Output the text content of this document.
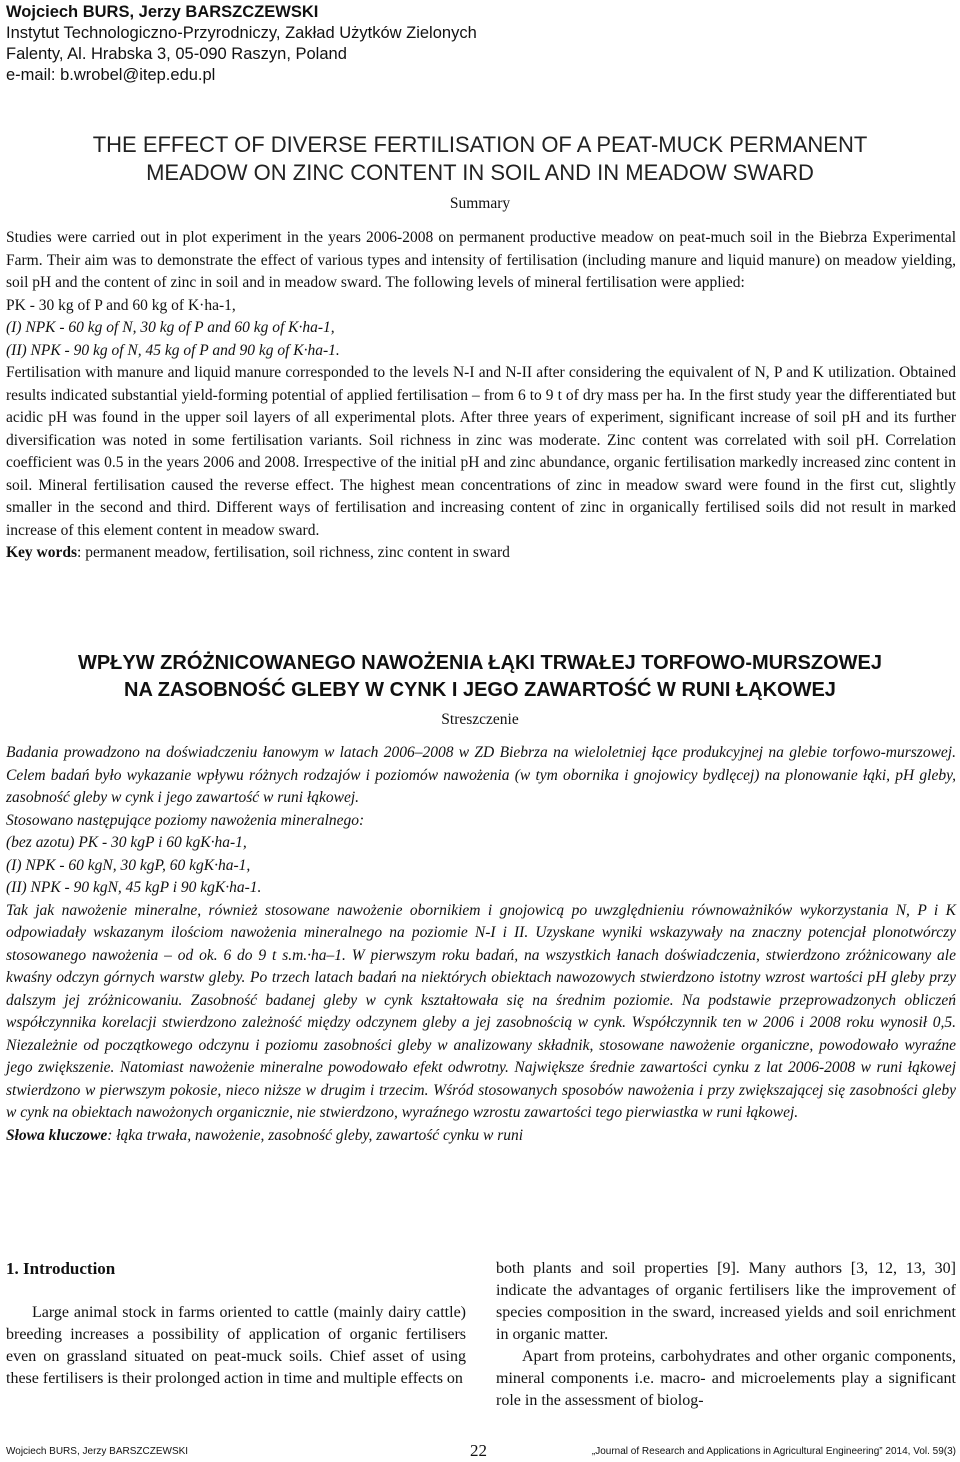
Wojciech BURS, Jerzy BARSZCZEWSKI
Instytut Technologiczno-Przyrodniczy, Zakład Użytków Zielonych
Falenty, Al. Hrabska 3, 05-090 Raszyn, Poland
e-mail: b.wrobel@itep.edu.pl
THE EFFECT OF DIVERSE FERTILISATION OF A PEAT-MUCK PERMANENT
MEADOW ON ZINC CONTENT IN SOIL AND IN MEADOW SWARD
Summary

Studies were carried out in plot experiment in the years 2006-2008 on permanent productive meadow on peat-much soil in the Biebrza Experimental Farm. Their aim was to demonstrate the effect of various types and intensity of fertilisation (including manure and liquid manure) on meadow yielding, soil pH and the content of zinc in soil and in meadow sward. The following levels of mineral fertilisation were applied:

PK - 30 kg of P and 60 kg of K·ha-1,

(I) NPK - 60 kg of N, 30 kg of P and 60 kg of K·ha-1,

(II) NPK - 90 kg of N, 45 kg of P and 90 kg of K·ha-1.

Fertilisation with manure and liquid manure corresponded to the levels N-I and N-II after considering the equivalent of N, P and K utilization. Obtained results indicated substantial yield-forming potential of applied fertilisation – from 6 to 9 t of dry mass per ha. In the first study year the differentiated but acidic pH was found in the upper soil layers of all experimental plots. After three years of experiment, significant increase of soil pH and its further diversification was noted in some fertilisation variants. Soil richness in zinc was moderate. Zinc content was correlated with soil pH. Correlation coefficient was 0.5 in the years 2006 and 2008. Irrespective of the initial pH and zinc abundance, organic fertilisation markedly increased zinc content in soil. Mineral fertilisation caused the reverse effect. The highest mean concentrations of zinc in meadow sward were found in the first cut, slightly smaller in the second and third. Different ways of fertilisation and increasing content of zinc in organically fertilised soils did not result in marked increase of this element content in meadow sward.

Key words: permanent meadow, fertilisation, soil richness, zinc content in sward

WPŁYW ZRÓŻNICOWANEGO NAWOŻENIA ŁĄKI TRWAŁEJ TORFOWO-MURSZOWEJ
NA ZASOBNOŚĆ GLEBY W CYNK I JEGO ZAWARTOŚĆ W RUNI ŁĄKOWEJ
Streszczenie

Badania prowadzono na doświadczeniu łanowym w latach 2006–2008 w ZD Biebrza na wieloletniej łące produkcyjnej na glebie torfowo-murszowej. Celem badań było wykazanie wpływu różnych rodzajów i poziomów nawożenia (w tym obornika i gnojowicy bydlęcej) na plonowanie łąki, pH gleby, zasobność gleby w cynk i jego zawartość w runi łąkowej.

Stosowano następujące poziomy nawożenia mineralnego:

(bez azotu) PK - 30 kgP i 60 kgK·ha-1,

(I) NPK - 60 kgN, 30 kgP, 60 kgK·ha-1,

(II) NPK - 90 kgN, 45 kgP i 90 kgK·ha-1.

Tak jak nawożenie mineralne, również stosowane nawożenie obornikiem i gnojowicą po uwzględnieniu równoważników wykorzystania N, P i K odpowiadały wskazanym ilościom nawożenia mineralnego na poziomie N-I i II. Uzyskane wyniki wskazywały na znaczny potencjał plonotwórczy stosowanego nawożenia – od ok. 6 do 9 t s.m.·ha–1. W pierwszym roku badań, na wszystkich łanach doświadczenia, stwierdzono zróżnicowany ale kwaśny odczyn górnych warstw gleby. Po trzech latach badań na niektórych obiektach nawozowych stwierdzono istotny wzrost wartości pH gleby przy dalszym jej zróżnicowaniu. Zasobność badanej gleby w cynk kształtowała się na średnim poziomie. Na podstawie przeprowadzonych obliczeń współczynnika korelacji stwierdzono zależność między odczynem gleby a jej zasobnością w cynk. Współczynnik ten w 2006 i 2008 roku wynosił 0,5. Niezależnie od początkowego odczynu i poziomu zasobności gleby w analizowany składnik, stosowane nawożenie organiczne, powodowało wyraźne jego zwiększenie. Natomiast nawożenie mineralne powodowało efekt odwrotny. Największe średnie zawartości cynku z lat 2006-2008 w runi łąkowej stwierdzono w pierwszym pokosie, nieco niższe w drugim i trzecim. Wśród stosowanych sposobów nawożenia i przy zwiększającej się zasobności gleby w cynk na obiektach nawożonych organicznie, nie stwierdzono, wyraźnego wzrostu zawartości tego pierwiastka w runi łąkowej.

Słowa kluczowe: łąka trwała, nawożenie, zasobność gleby, zawartość cynku w runi

1. Introduction
Large animal stock in farms oriented to cattle (mainly dairy cattle) breeding increases a possibility of application of organic fertilisers even on grassland situated on peat-muck soils. Chief asset of using these fertilisers is their prolonged action in time and multiple effects on
both plants and soil properties [9]. Many authors [3, 12, 13, 30] indicate the advantages of organic fertilisers like the improvement of species composition in the sward, increased yields and soil enrichment in organic matter.
Apart from proteins, carbohydrates and other organic components, mineral components i.e. macro- and microelements play a significant role in the assessment of biolog-
Wojciech BURS, Jerzy BARSZCZEWSKI	22	„Journal of Research and Applications in Agricultural Engineering” 2014, Vol. 59(3)
